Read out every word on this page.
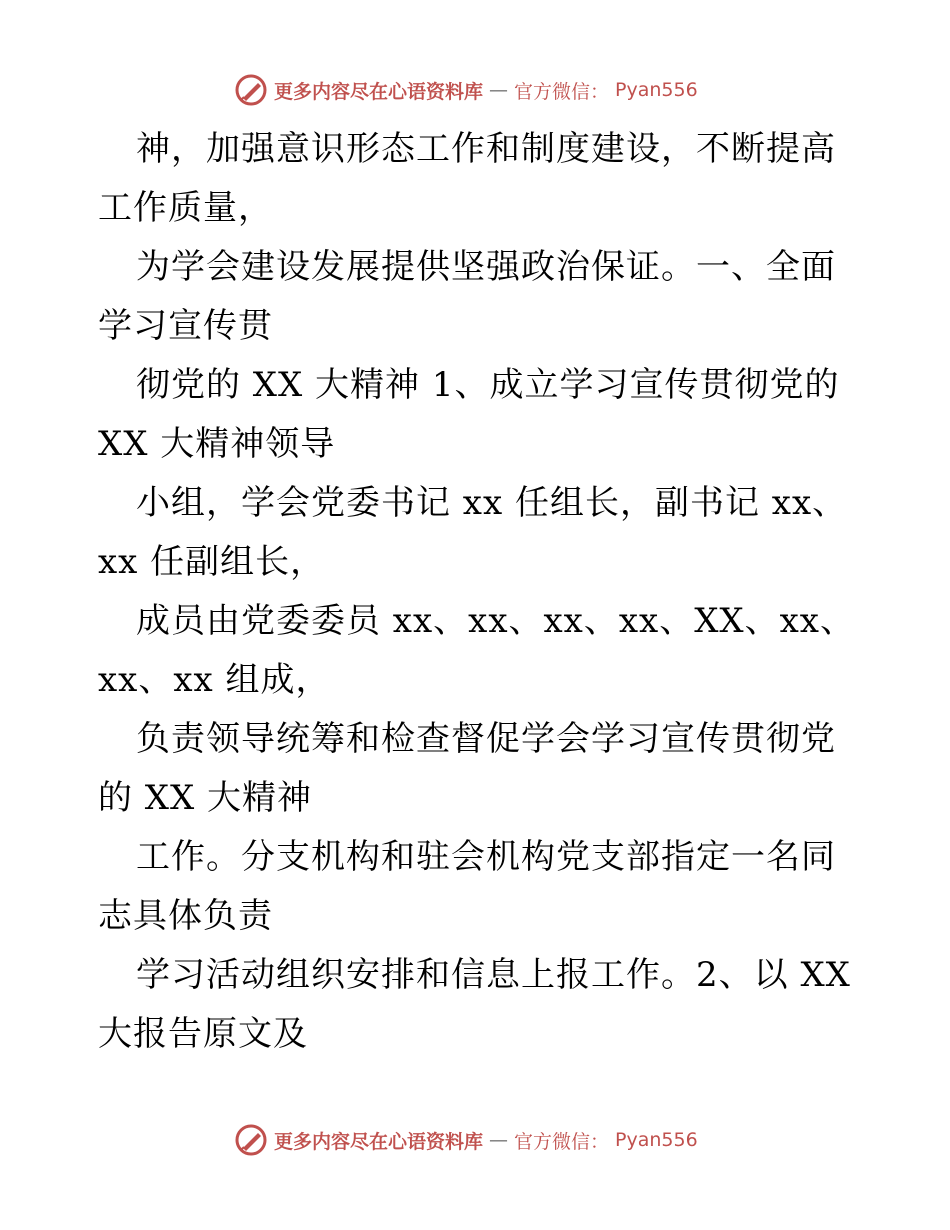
更多内容尽在心语资料库 — 官方微信： Pyan556

神，加强意识形态工作和制度建设，不断提高工作质量，

为学会建设发展提供坚强政治保证。一、全面学习宣传贯

彻党的 XX 大精神 1、成立学习宣传贯彻党的 XX 大精神领导

小组，学会党委书记 xx 任组长，副书记 xx、xx 任副组长，

成员由党委委员 xx、xx、xx、xx、XX、xx、xx、xx 组成，

负责领导统筹和检查督促学会学习宣传贯彻党的 XX 大精神

工作。分支机构和驻会机构党支部指定一名同志具体负责

学习活动组织安排和信息上报工作。2、以 XX 大报告原文及

更多内容尽在心语资料库 — 官方微信： Pyan556
